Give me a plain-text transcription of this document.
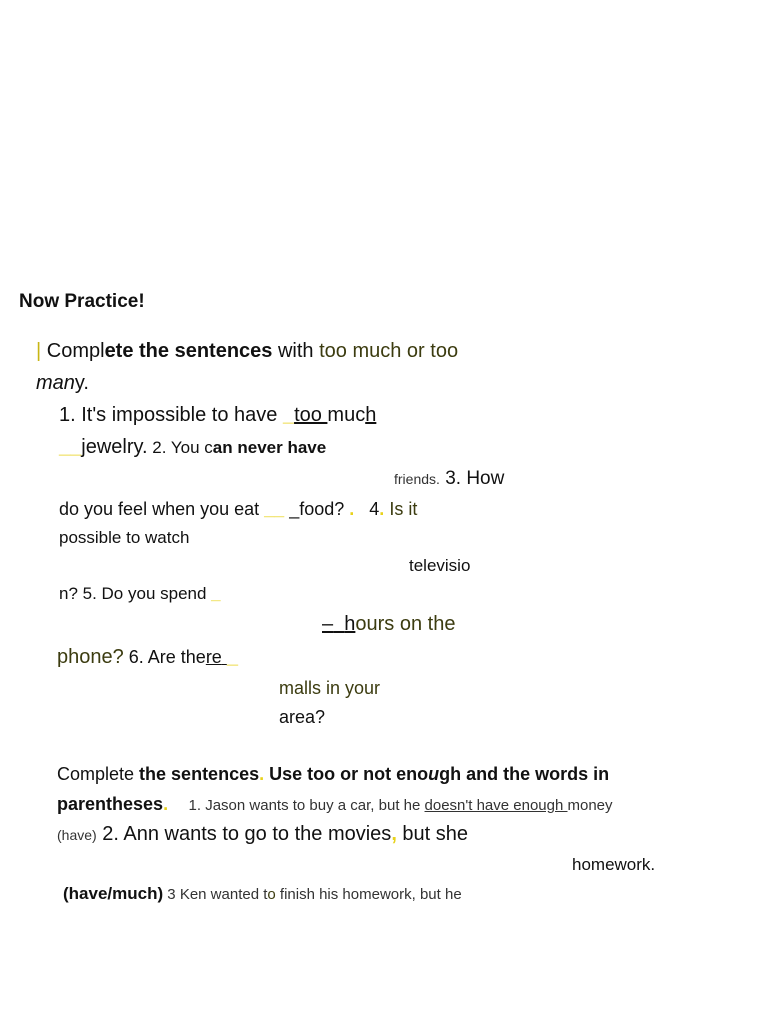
Now Practice!
| Complete the sentences with too much or too
many.
1. It's impossible to have _too much
__jewelry. 2. You can never have
friends. 3. How
do you feel when you eat __ _food? . 4. Is it
possible to watch
televisio
n? 5. Do you spend _
– hours on the
phone? 6. Are there _
malls in your
area?
Complete the sentences. Use too or not enough and the words in
parentheses. 1. Jason wants to buy a car, but he doesn't have enough money
(have) 2. Ann wants to go to the movies, but she
homework.
(have/much) 3 Ken wanted to finish his homework, but he
